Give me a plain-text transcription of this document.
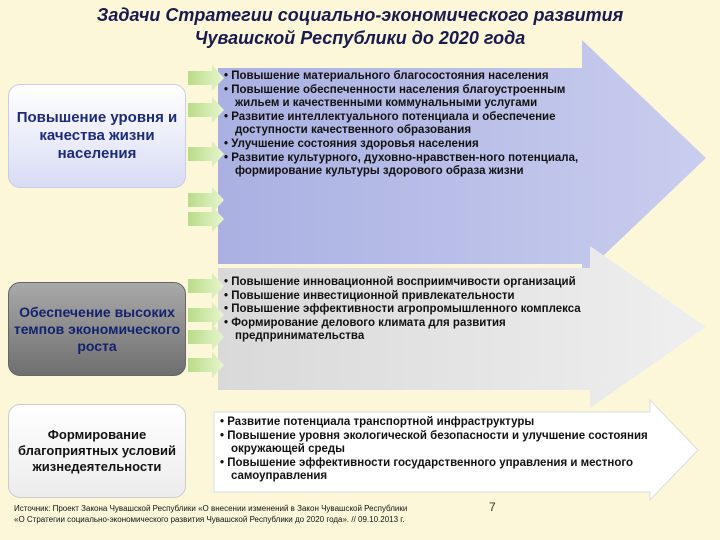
Задачи Стратегии социально-экономического развития
Чувашской Республики до 2020 года
Повышение уровня и качества жизни населения
Обеспечение высоких темпов экономического роста
Формирование благоприятных условий жизнедеятельности
• Повышение материального благосостояния населения
• Повышение обеспеченности населения благоустроенным жильем и качественными коммунальными услугами
• Развитие интеллектуального потенциала и обеспечение доступности качественного образования
• Улучшение состояния здоровья населения
• Развитие культурного, духовно-нравствен-ного потенциала, формирование культуры здорового образа жизни
• Повышение инновационной восприимчивости организаций
• Повышение инвестиционной привлекательности
• Повышение эффективности агропромышленного комплекса
• Формирование делового климата для развития предпринимательства
• Развитие потенциала транспортной инфраструктуры
• Повышение уровня экологической безопасности и улучшение состояния окружающей среды
• Повышение эффективности государственного управления и местного самоуправления
Источник: Проект Закона Чувашской Республики «О внесении изменений в Закон Чувашской Республики
«О Стратегии социально-экономического развития Чувашской Республики до 2020 года». // 09.10.2013 г.
7
